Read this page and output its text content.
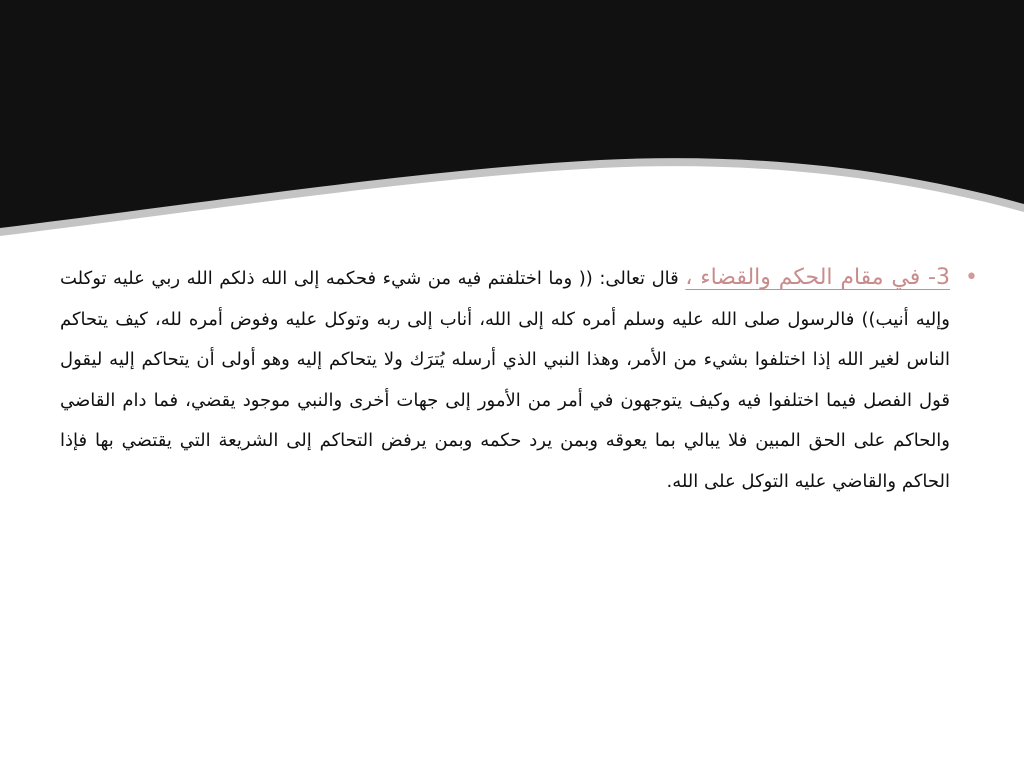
•
3- في مقام الحكم والقضاء ، قال تعالى: (( وما اختلفتم فيه من شيء فحكمه إلى الله ذلكم الله ربي عليه توكلت وإليه أنيب)) فالرسول صلى الله عليه وسلم أمره كله إلى الله، أناب إلى ربه وتوكل عليه وفوض أمره لله، كيف يتحاكم الناس لغير الله إذا اختلفوا بشيء من الأمر، وهذا النبي الذي أرسله يُترَك ولا يتحاكم إليه وهو أولى أن يتحاكم إليه ليقول قول الفصل فيما اختلفوا فيه وكيف يتوجهون في أمر من الأمور إلى جهات أخرى والنبي موجود يقضي، فما دام القاضي والحاكم على الحق المبين فلا يبالي بما يعوقه وبمن يرد حكمه وبمن يرفض التحاكم إلى الشريعة التي يقتضي بها فإذا الحاكم والقاضي عليه التوكل على الله.
